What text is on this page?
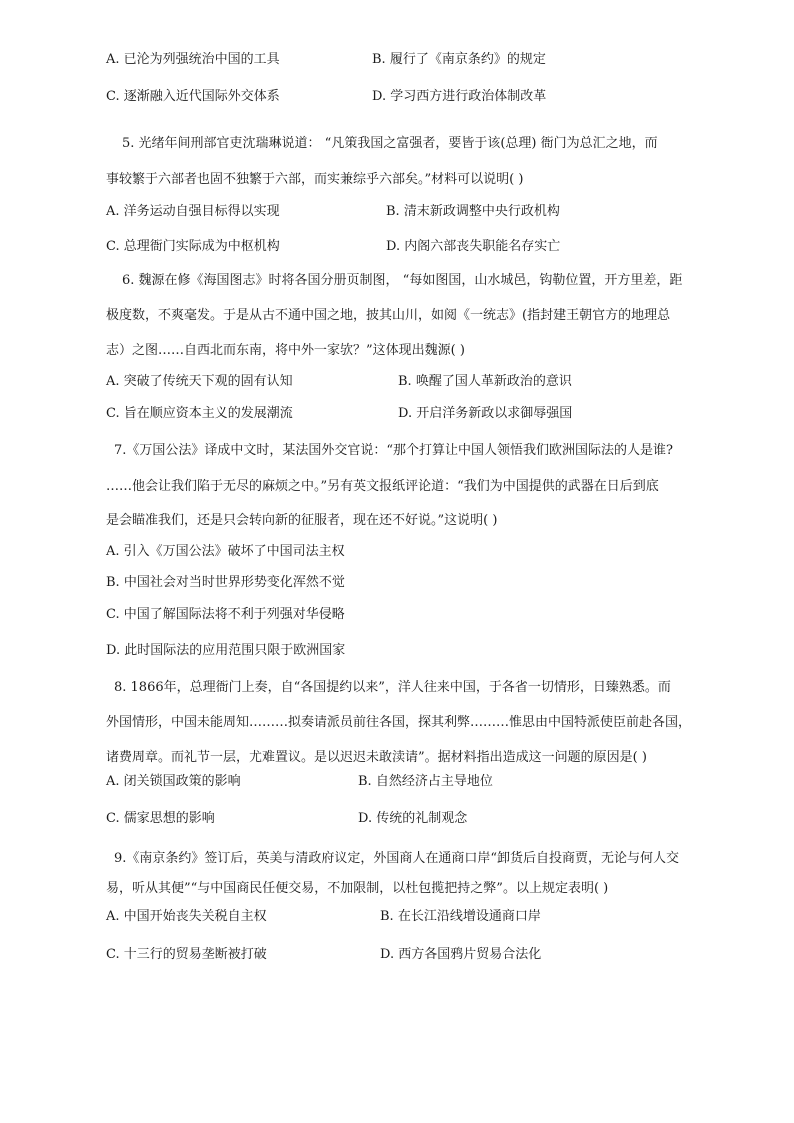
A. 已沦为列强统治中国的工具	B. 履行了《南京条约》的规定
C. 逐渐融入近代国际外交体系	D. 学习西方进行政治体制改革
5. 光绪年间刑部官吏沈瑞琳说道： “凡策我国之富强者，要皆于该(总理) 衙门为总汇之地，而
事较繁于六部者也固不独繁于六部，而实兼综乎六部矣。”材料可以说明( )
A. 洋务运动自强目标得以实现	B. 清末新政调整中央行政机构
C. 总理衙门实际成为中枢机构	D. 内阁六部丧失职能名存实亡
6. 魏源在修《海国图志》时将各国分册页制图， “每如图国，山水城邑，钩勒位置，开方里差，距
极度数，不爽毫发。于是从古不通中国之地，披其山川，如阅《一统志》(指封建王朝官方的地理总
志）之图……自西北而东南，将中外一家欤？”这体现出魏源( )
A. 突破了传统天下观的固有认知	B. 唤醒了国人革新政治的意识
C. 旨在顺应资本主义的发展潮流	D. 开启洋务新政以求御辱强国
7.《万国公法》译成中文时，某法国外交官说：“那个打算让中国人领悟我们欧洲国际法的人是谁?
……他会让我们陷于无尽的麻烦之中。”另有英文报纸评论道：“我们为中国提供的武器在日后到底
是会瞄准我们，还是只会转向新的征服者，现在还不好说。”这说明( )
A. 引入《万国公法》破坏了中国司法主权
B. 中国社会对当时世界形势变化浑然不觉
C. 中国了解国际法将不利于列强对华侵略
D. 此时国际法的应用范围只限于欧洲国家
8. 1866年，总理衙门上奏，自“各国提约以来”，洋人往来中国，于各省一切情形，日臻熟悉。而
外国情形，中国未能周知………拟奏请派员前往各国，探其利弊………惟思由中国特派使臣前赴各国，
诸费周章。而礼节一层，尤难置议。是以迟迟未敢渎请”。据材料指出造成这一问题的原因是( )
A. 闭关锁国政策的影响	B. 自然经济占主导地位
C. 儒家思想的影响	D. 传统的礼制观念
9.《南京条约》签订后，英美与清政府议定，外国商人在通商口岸“卸货后自投商贾，无论与何人交
易，听从其便”“与中国商民任便交易，不加限制，以杜包揽把持之弊”。以上规定表明( )
A. 中国开始丧失关税自主权	B. 在长江沿线增设通商口岸
C. 十三行的贸易垄断被打破	D. 西方各国鸦片贸易合法化
